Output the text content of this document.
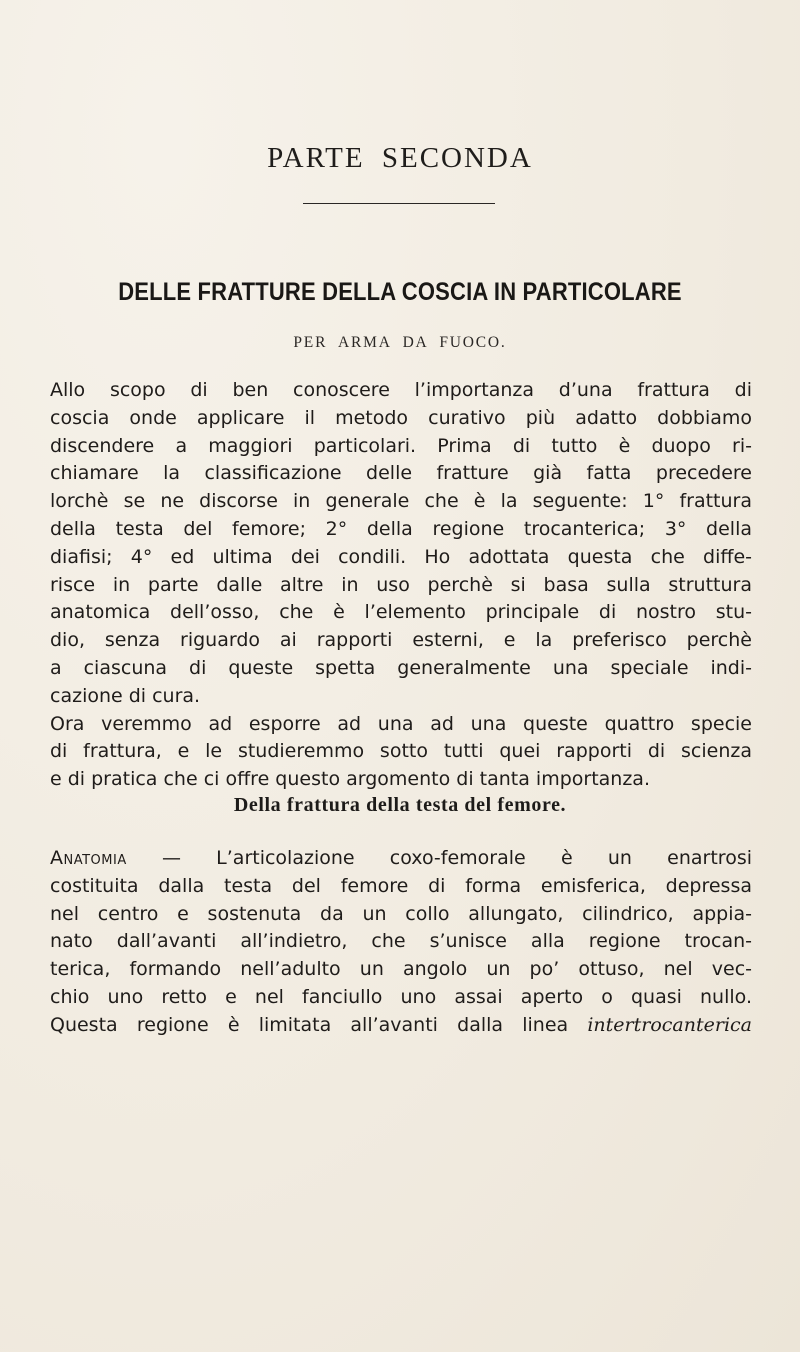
PARTE SECONDA
DELLE FRATTURE DELLA COSCIA IN PARTICOLARE
PER ARMA DA FUOCO.
Allo scopo di ben conoscere l’importanza d’una frattura di
coscia onde applicare il metodo curativo più adatto dobbiamo
discendere a maggiori particolari. Prima di tutto è duopo ri-
chiamare la classificazione delle fratture già fatta precedere
lorchè se ne discorse in generale che è la seguente: 1° frattura
della testa del femore; 2° della regione trocanterica; 3° della
diafisi; 4° ed ultima dei condili. Ho adottata questa che diffe-
risce in parte dalle altre in uso perchè si basa sulla struttura
anatomica dell’osso, che è l’elemento principale di nostro stu-
dio, senza riguardo ai rapporti esterni, e la preferisco perchè
a ciascuna di queste spetta generalmente una speciale indi-
cazione di cura.
Ora veremmo ad esporre ad una ad una queste quattro specie
di frattura, e le studieremmo sotto tutti quei rapporti di scienza
e di pratica che ci offre questo argomento di tanta importanza.
Della frattura della testa del femore.
Anatomia — L’articolazione coxo-femorale è un enartrosi
costituita dalla testa del femore di forma emisferica, depressa
nel centro e sostenuta da un collo allungato, cilindrico, appia-
nato dall’avanti all’indietro, che s’unisce alla regione trocan-
terica, formando nell’adulto un angolo un po’ ottuso, nel vec-
chio uno retto e nel fanciullo uno assai aperto o quasi nullo.
Questa regione è limitata all’avanti dalla linea intertrocanterica
